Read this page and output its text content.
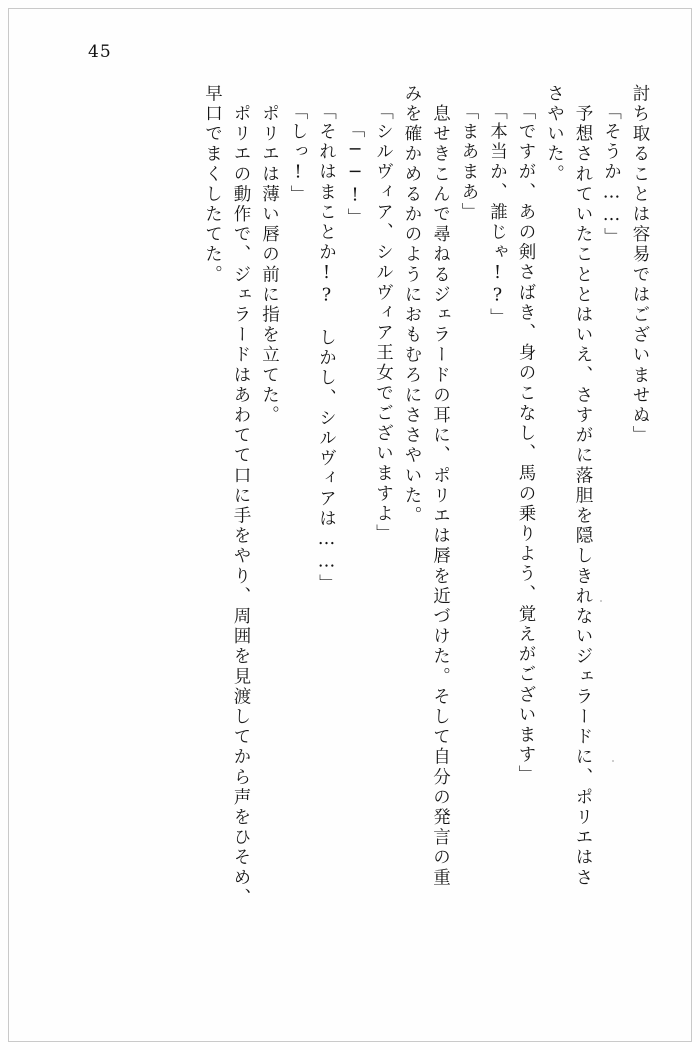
45
討ち取ることは容易ではございませぬ」
「そうか……」
　予想されていたこととはいえ、さすがに落胆を隠しきれないジェラードに、ポリエはさ
さやいた。
「ですが、あの剣さばき、身のこなし、馬の乗りよう、覚えがございます」
「本当か、誰じゃ!?」
「まあまあ」
　息せきこんで尋ねるジェラードの耳に、ポリエは唇を近づけた。そして自分の発言の重
みを確かめるかのようにおもむろにささやいた。
「シルヴィア、シルヴィア王女でございますよ」
「──!」
「それはまことか!?　しかし、シルヴィアは……」
「しっ!」
　ポリエは薄い唇の前に指を立てた。
　ポリエの動作で、ジェラードはあわてて口に手をやり、周囲を見渡してから声をひそめ、
早口でまくしたてた。
